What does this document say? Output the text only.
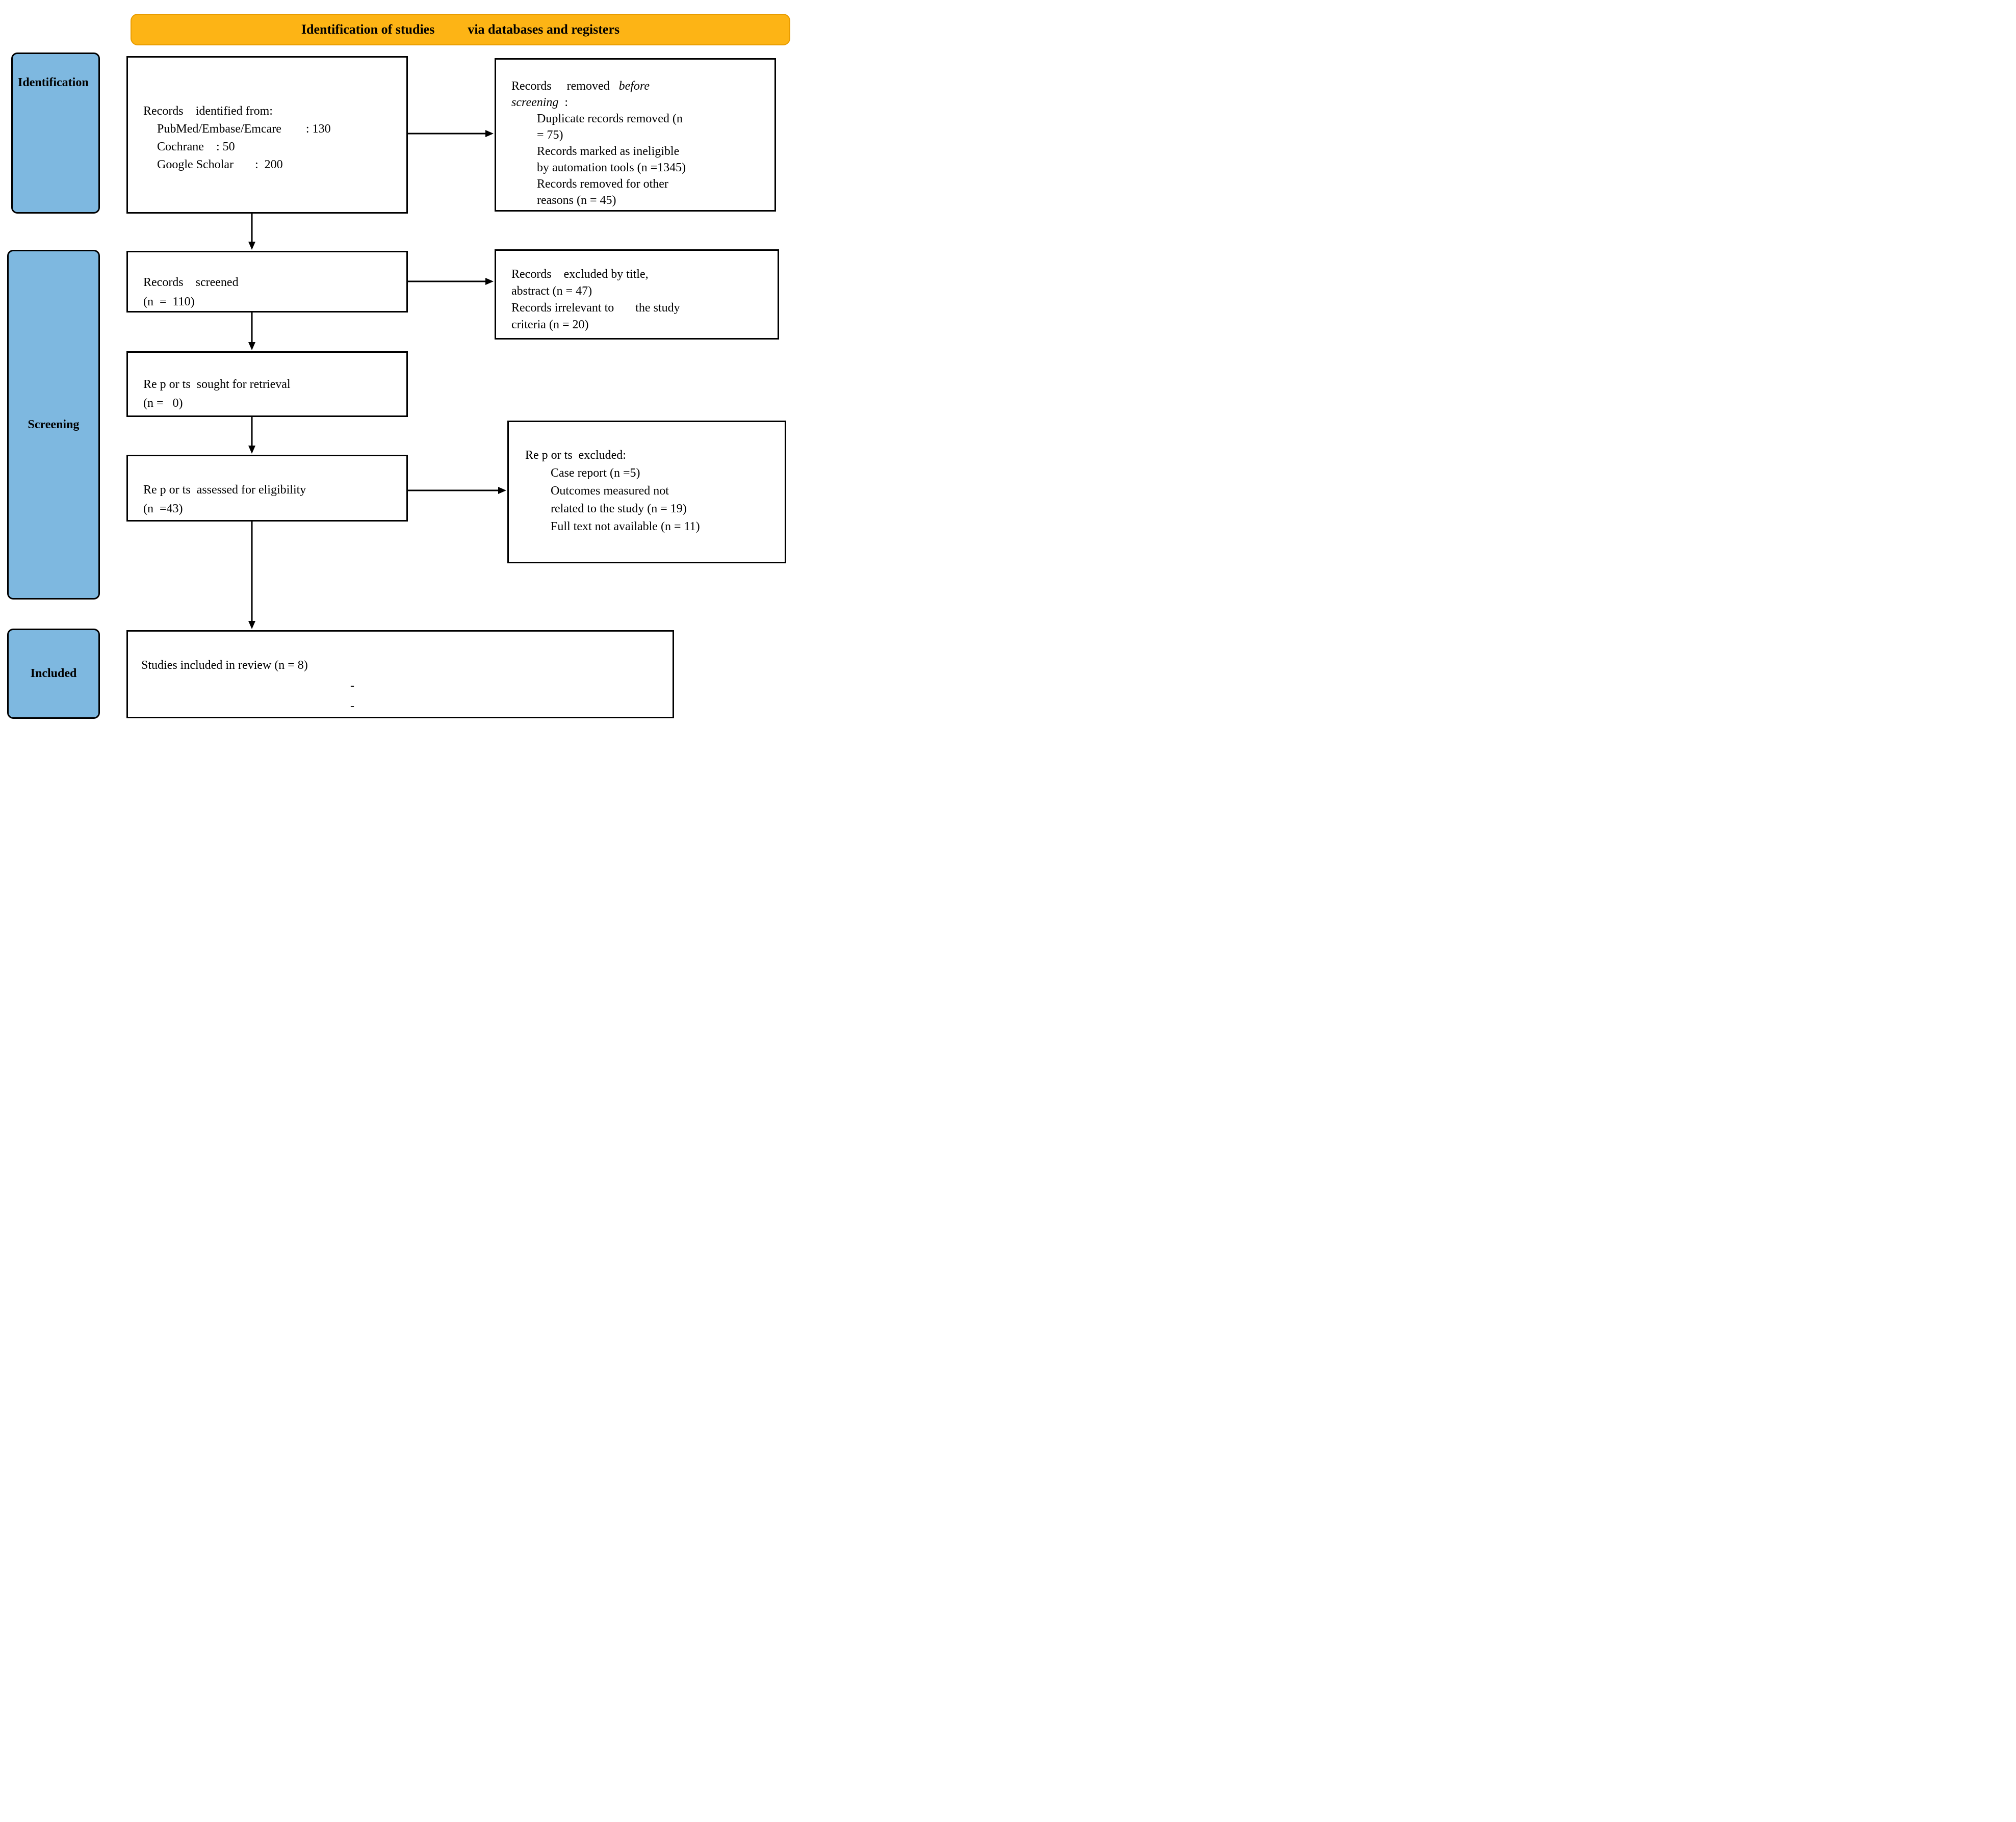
Identification of studies          via databases and registers
Identification
Screening
Included
Records    identified from:
PubMed/Embase/Emcare        : 130
Cochrane    : 50
Google Scholar       :  200
Records     removed   before
screening  :
Duplicate records removed (n
= 75)
Records marked as ineligible
by automation tools (n =1345)
Records removed for other
reasons (n = 45)
Records    screened
(n  =  110)
Records    excluded by title,
abstract (n = 47)
Records irrelevant to       the study
criteria (n = 20)
Re p or ts  sought for retrieval
(n =   0)
Re p or ts  assessed for eligibility
(n  =43)
Re p or ts  excluded:
Case report (n =5)
Outcomes measured not
related to the study (n = 19)
Full text not available (n = 11)
Studies included in review (n = 8)
-
-
